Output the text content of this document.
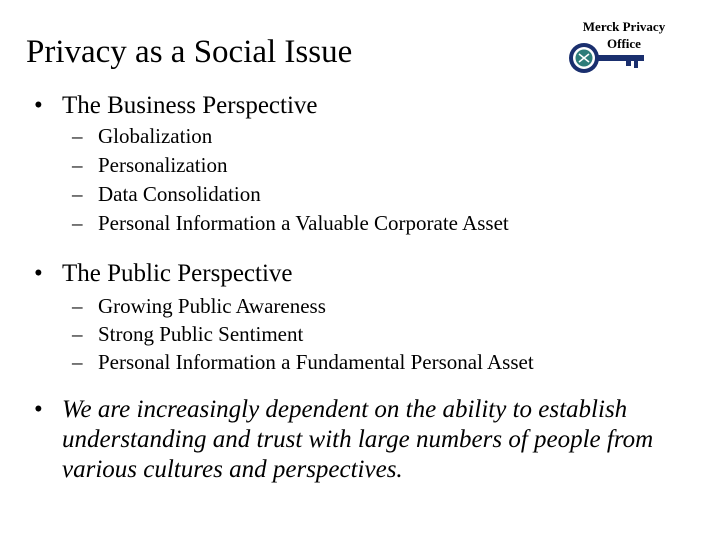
Privacy as a Social Issue
Merck Privacy
Office
• The Business Perspective
– Globalization
– Personalization
– Data Consolidation
– Personal Information a Valuable Corporate Asset
• The Public Perspective
– Growing Public Awareness
– Strong Public Sentiment
– Personal Information a Fundamental Personal Asset
• We are increasingly dependent on the ability to establish understanding and trust with large numbers of people from various cultures and perspectives.
